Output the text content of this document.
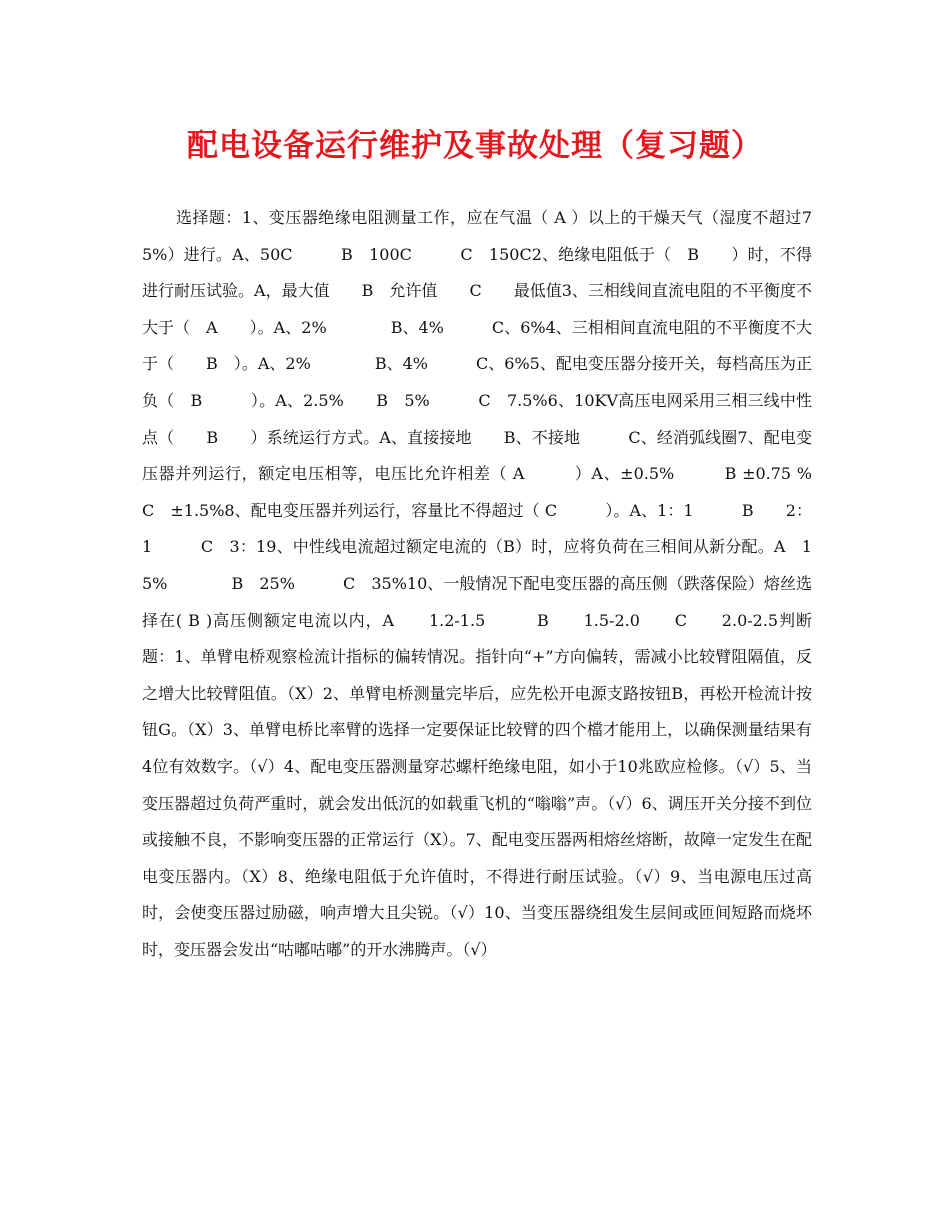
配电设备运行维护及事故处理（复习题）

选择题：1、变压器绝缘电阻测量工作，应在气温（ A ）以上的干燥天气（湿度不超过75%）进行。A、50C　　　B　100C　　　C　150C2、绝缘电阻低于（　B　　）时，不得进行耐压试验。A，最大值　　B　允许值　　C　　最低值3、三相线间直流电阻的不平衡度不大于（　A　　）。A、2%　　　　B、4%　　　C、6%4、三相相间直流电阻的不平衡度不大于（　　B　）。A、2%　　　　B、4%　　　C、6%5、配电变压器分接开关，每档高压为正负（　B　　　）。A、2.5%　　B　5%　　　C　7.5%6、10KV高压电网采用三相三线中性点（　　B　　）系统运行方式。A、直接接地　　B、不接地　　　C、经消弧线圈7、配电变压器并列运行，额定电压相等，电压比允许相差（ A　　　）A、±0.5%　　　B ±0.75 %　　C　±1.5%8、配电变压器并列运行，容量比不得超过（ C　　　）。A、1：1　　　B　　2：1　　　C　3：19、中性线电流超过额定电流的（B）时，应将负荷在三相间从新分配。A　15%　　　　B　25%　　　C　35%10、一般情况下配电变压器的高压侧（跌落保险）熔丝选择在( B )高压侧额定电流以内，A　　1.2-1.5　　　B　　1.5-2.0　　C　　2.0-2.5判断题：1、单臂电桥观察检流计指标的偏转情况。指针向“+”方向偏转，需减小比较臂阻隔值，反之增大比较臂阻值。（X）2、单臂电桥测量完毕后，应先松开电源支路按钮B，再松开检流计按钮G。（X）3、单臂电桥比率臂的选择一定要保证比较臂的四个檔才能用上，以确保测量结果有4位有效数字。（√）4、配电变压器测量穿芯螺杆绝缘电阻，如小于10兆欧应检修。（√）5、当变压器超过负荷严重时，就会发出低沉的如载重飞机的“嗡嗡”声。（√）6、调压开关分接不到位或接触不良，不影响变压器的正常运行（X）。7、配电变压器两相熔丝熔断，故障一定发生在配电变压器内。（X）8、绝缘电阻低于允许值时，不得进行耐压试验。（√）9、当电源电压过高时，会使变压器过励磁，响声增大且尖锐。（√）10、当变压器绕组发生层间或匝间短路而烧坏时，变压器会发出“咕嘟咕嘟”的开水沸腾声。（√）
